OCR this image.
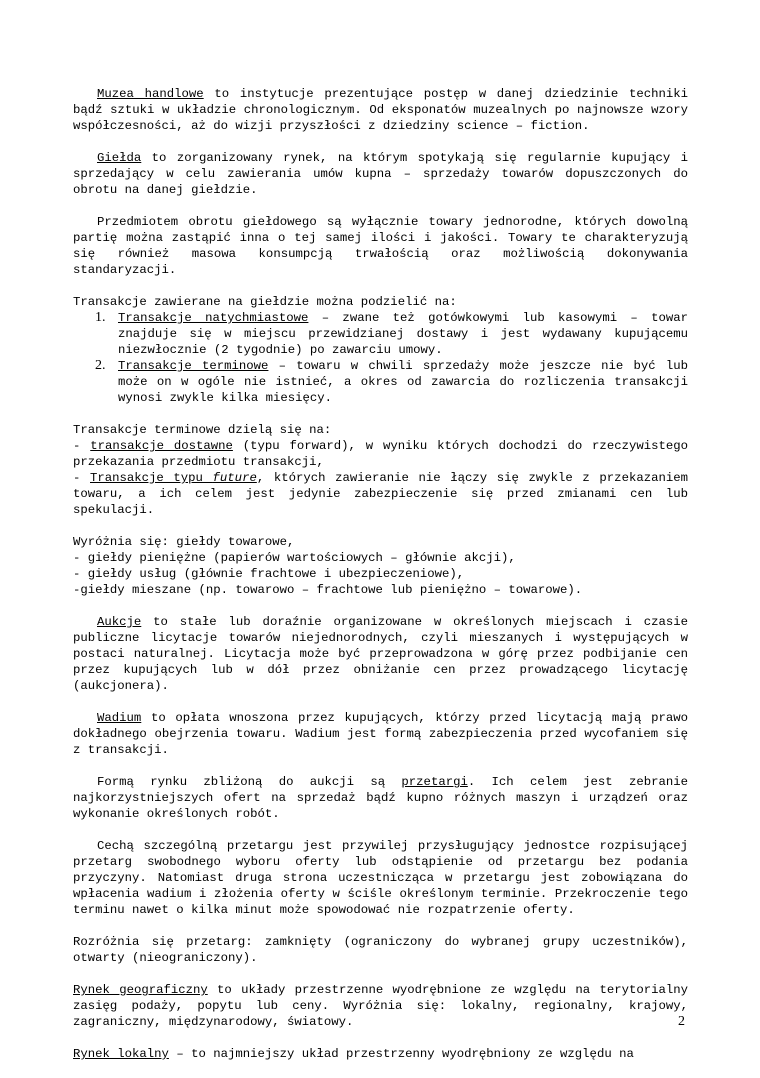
Muzea handlowe to instytucje prezentujące postęp w danej dziedzinie techniki bądź sztuki w układzie chronologicznym. Od eksponatów muzealnych po najnowsze wzory współczesności, aż do wizji przyszłości z dziedziny science – fiction.

Giełda to zorganizowany rynek, na którym spotykają się regularnie kupujący i sprzedający w celu zawierania umów kupna – sprzedaży towarów dopuszczonych do obrotu na danej giełdzie.

Przedmiotem obrotu giełdowego są wyłącznie towary jednorodne, których dowolną partię można zastąpić inna o tej samej ilości i jakości. Towary te charakteryzują się również masowa konsumpcją trwałością oraz możliwością dokonywania standaryzacji.

Transakcje zawierane na giełdzie można podzielić na:
1. Transakcje natychmiastowe – zwane też gotówkowymi lub kasowymi – towar znajduje się w miejscu przewidzianej dostawy i jest wydawany kupującemu niezwłocznie (2 tygodnie) po zawarciu umowy.
2. Transakcje terminowe – towaru w chwili sprzedaży może jeszcze nie być lub może on w ogóle nie istnieć, a okres od zawarcia do rozliczenia transakcji wynosi zwykle kilka miesięcy.

Transakcje terminowe dzielą się na:
- transakcje dostawne (typu forward), w wyniku których dochodzi do rzeczywistego przekazania przedmiotu transakcji,
- Transakcje typu future, których zawieranie nie łączy się zwykle z przekazaniem towaru, a ich celem jest jedynie zabezpieczenie się przed zmianami cen lub spekulacji.

Wyróżnia się: giełdy towarowe,
- giełdy pieniężne (papierów wartościowych – głównie akcji),
- giełdy usług (głównie frachtowe i ubezpieczeniowe),
-giełdy mieszane (np. towarowo – frachtowe lub pieniężno – towarowe).

Aukcje to stałe lub doraźnie organizowane w określonych miejscach i czasie publiczne licytacje towarów niejednorodnych, czyli mieszanych i występujących w postaci naturalnej. Licytacja może być przeprowadzona w górę przez podbijanie cen przez kupujących lub w dół przez obniżanie cen przez prowadzącego licytację (aukcjonera).

Wadium to opłata wnoszona przez kupujących, którzy przed licytacją mają prawo dokładnego obejrzenia towaru. Wadium jest formą zabezpieczenia przed wycofaniem się z transakcji.

Formą rynku zbliżoną do aukcji są przetargi. Ich celem jest zebranie najkorzystniejszych ofert na sprzedaż bądź kupno różnych maszyn i urządzeń oraz wykonanie określonych robót.

Cechą szczególną przetargu jest przywilej przysługujący jednostce rozpisującej przetarg swobodnego wyboru oferty lub odstąpienie od przetargu bez podania przyczyny. Natomiast druga strona uczestnicząca w przetargu jest zobowiązana do wpłacenia wadium i złożenia oferty w ściśle określonym terminie. Przekroczenie tego terminu nawet o kilka minut może spowodować nie rozpatrzenie oferty.

Rozróżnia się przetarg: zamknięty (ograniczony do wybranej grupy uczestników), otwarty (nieograniczony).

Rynek geograficzny to układy przestrzenne wyodrębnione ze względu na terytorialny zasięg podaży, popytu lub ceny. Wyróżnia się: lokalny, regionalny, krajowy, zagraniczny, międzynarodowy, światowy.

Rynek lokalny – to najmniejszy układ przestrzenny wyodrębniony ze względu na

2
